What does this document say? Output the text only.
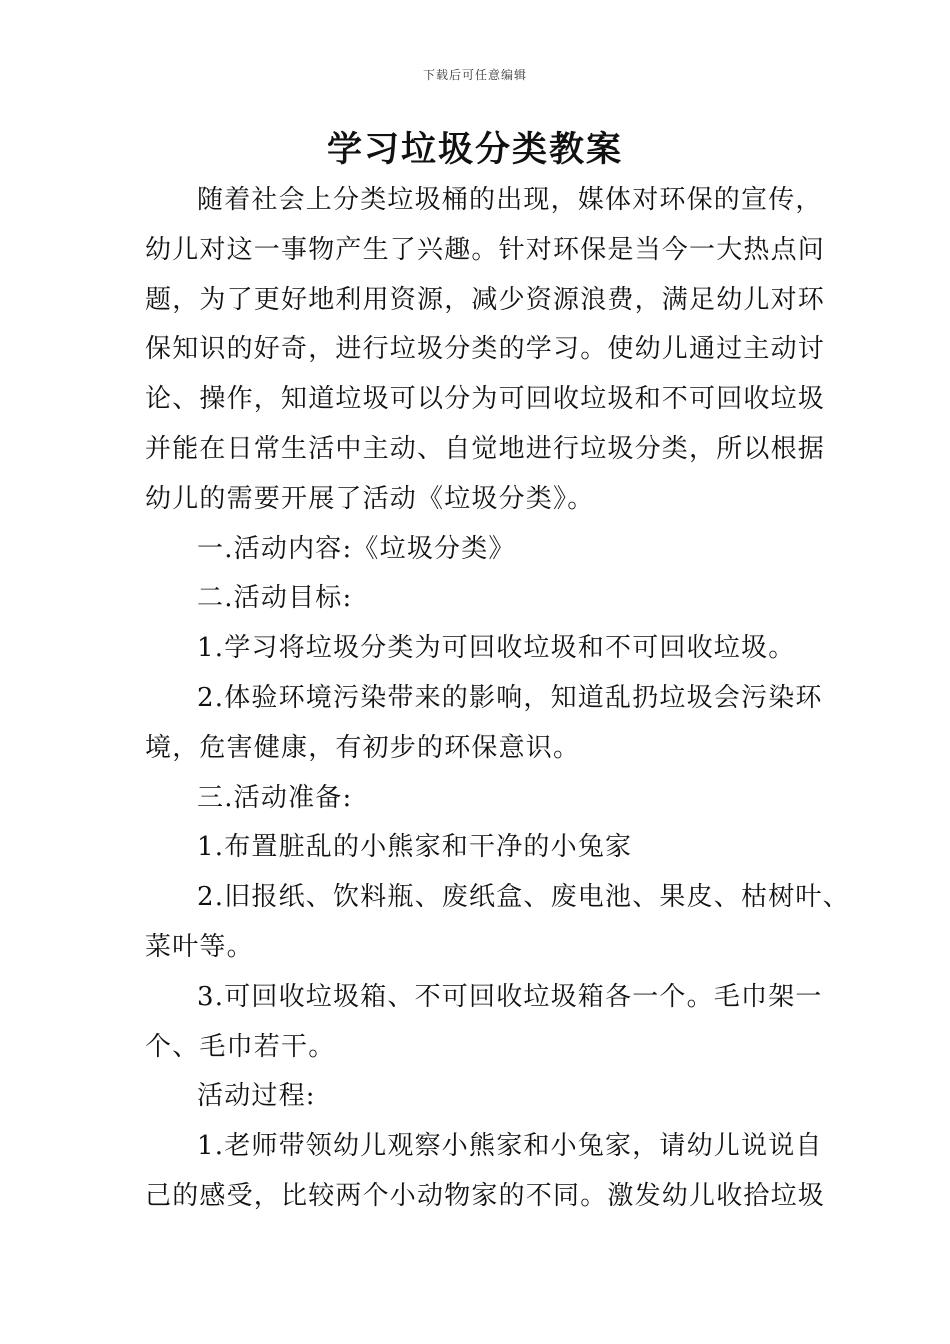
下载后可任意编辑
学习垃圾分类教案
随着社会上分类垃圾桶的出现，媒体对环保的宣传，
幼儿对这一事物产生了兴趣。针对环保是当今一大热点问
题，为了更好地利用资源，减少资源浪费，满足幼儿对环
保知识的好奇，进行垃圾分类的学习。使幼儿通过主动讨
论、操作，知道垃圾可以分为可回收垃圾和不可回收垃圾
并能在日常生活中主动、自觉地进行垃圾分类，所以根据
幼儿的需要开展了活动《垃圾分类》。
一.活动内容:《垃圾分类》
二.活动目标:
1.学习将垃圾分类为可回收垃圾和不可回收垃圾。
2.体验环境污染带来的影响，知道乱扔垃圾会污染环
境，危害健康，有初步的环保意识。
三.活动准备:
1.布置脏乱的小熊家和干净的小兔家
2.旧报纸、饮料瓶、废纸盒、废电池、果皮、枯树叶、
菜叶等。
3.可回收垃圾箱、不可回收垃圾箱各一个。毛巾架一
个、毛巾若干。
活动过程:
1.老师带领幼儿观察小熊家和小兔家，请幼儿说说自
己的感受，比较两个小动物家的不同。激发幼儿收拾垃圾
